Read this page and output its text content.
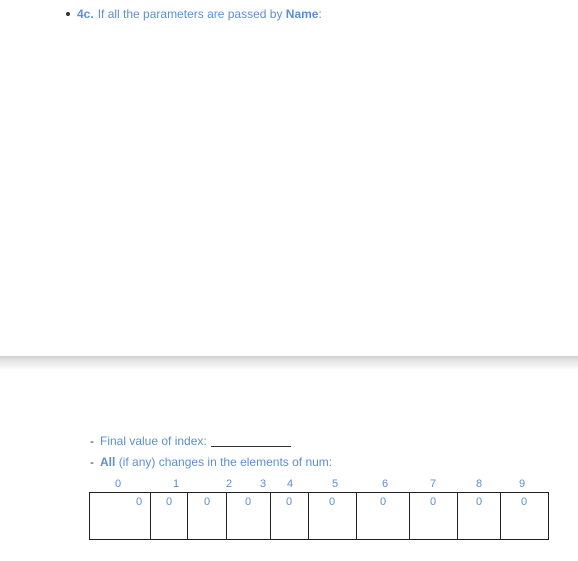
4c. If all the parameters are passed by
Name :
- Final value of index:
- All
(if any) changes in the elements of num:
0	1	2	3	4	5	6	7	8	9
0	0	0	0	0	0	0	0	0	0
